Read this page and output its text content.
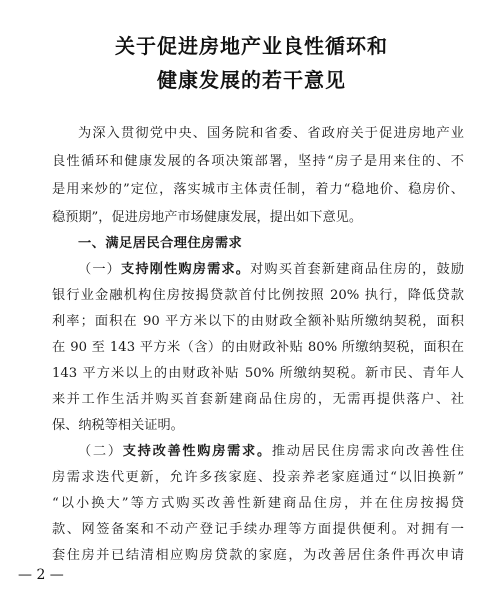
关于促进房地产业良性循环和
健康发展的若干意见
为深入贯彻党中央、国务院和省委、省政府关于促进房地产业
良性循环和健康发展的各项决策部署，坚持“房子是用来住的、不
是用来炒的”定位，落实城市主体责任制，着力“稳地价、稳房价、
稳预期”，促进房地产市场健康发展，提出如下意见。
一、满足居民合理住房需求
（一）支持刚性购房需求。对购买首套新建商品住房的，鼓励
银行业金融机构住房按揭贷款首付比例按照 20% 执行，降低贷款
利率；面积在 90 平方米以下的由财政全额补贴所缴纳契税，面积
在 90 至 143 平方米（含）的由财政补贴 80% 所缴纳契税，面积在
143 平方米以上的由财政补贴 50% 所缴纳契税。新市民、青年人
来并工作生活并购买首套新建商品住房的，无需再提供落户、社
保、纳税等相关证明。
（二）支持改善性购房需求。推动居民住房需求向改善性住
房需求迭代更新，允许多孩家庭、投亲养老家庭通过“以旧换新”
“以小换大”等方式购买改善性新建商品住房，并在住房按揭贷
款、网签备案和不动产登记手续办理等方面提供便利。对拥有一
套住房并已结清相应购房贷款的家庭，为改善居住条件再次申请
— 2 —
